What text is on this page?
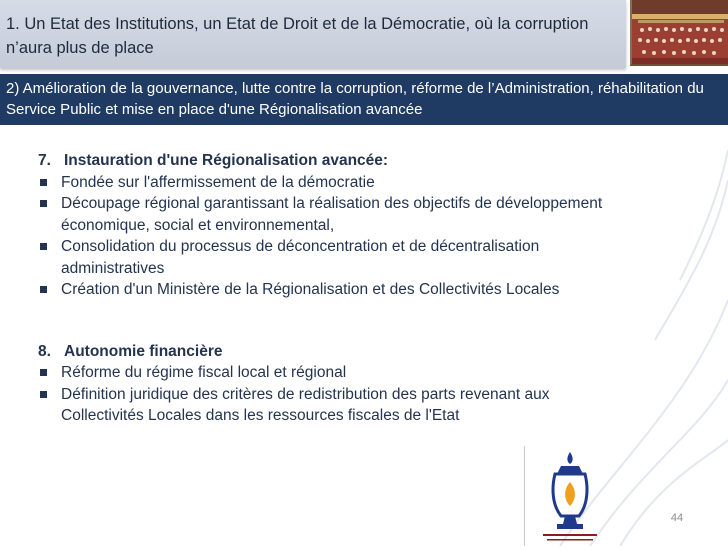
1. Un Etat des Institutions, un Etat de Droit et de la Démocratie, où la corruption n’aura plus de place
2) Amélioration de la gouvernance, lutte contre la corruption, réforme de l’Administration, réhabilitation du Service Public et mise en place d'une Régionalisation avancée
7. Instauration d'une Régionalisation avancée:
Fondée sur l'affermissement de la démocratie
Découpage régional garantissant la réalisation des objectifs de développement
économique, social et environnemental,
Consolidation du processus de déconcentration et de décentralisation
administratives
Création d'un Ministère de la Régionalisation et des Collectivités Locales
8. Autonomie financière
Réforme du régime fiscal local et régional
Définition juridique des critères de redistribution des parts revenant aux
Collectivités Locales dans les ressources fiscales de l'Etat
44
